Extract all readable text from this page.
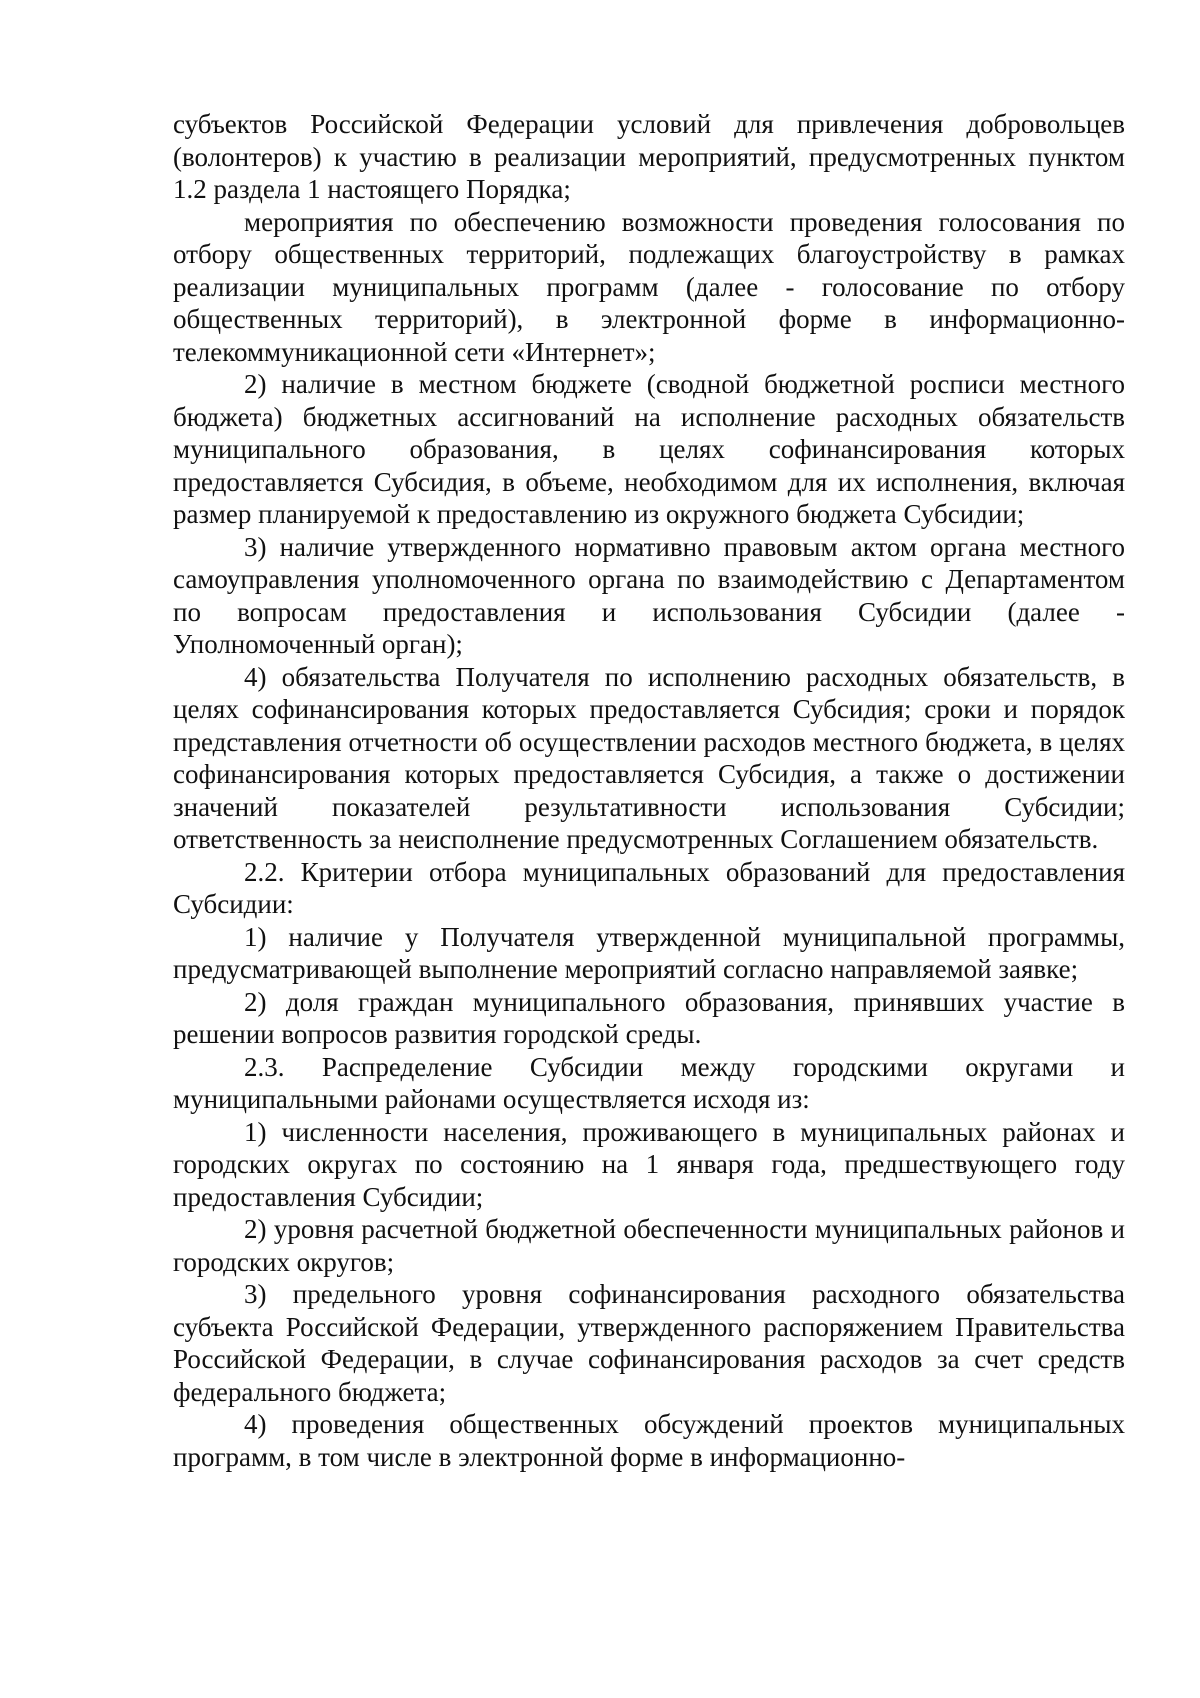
субъектов Российской Федерации условий для привлечения добровольцев (волонтеров) к участию в реализации мероприятий, предусмотренных пунктом 1.2 раздела 1 настоящего Порядка;

мероприятия по обеспечению возможности проведения голосования по отбору общественных территорий, подлежащих благоустройству в рамках реализации муниципальных программ (далее - голосование по отбору общественных территорий), в электронной форме в информационно-телекоммуникационной сети «Интернет»;

2) наличие в местном бюджете (сводной бюджетной росписи местного бюджета) бюджетных ассигнований на исполнение расходных обязательств муниципального образования, в целях софинансирования которых предоставляется Субсидия, в объеме, необходимом для их исполнения, включая размер планируемой к предоставлению из окружного бюджета Субсидии;

3) наличие утвержденного нормативно правовым актом органа местного самоуправления уполномоченного органа по взаимодействию с Департаментом по вопросам предоставления и использования Субсидии (далее - Уполномоченный орган);

4) обязательства Получателя по исполнению расходных обязательств, в целях софинансирования которых предоставляется Субсидия; сроки и порядок представления отчетности об осуществлении расходов местного бюджета, в целях софинансирования которых предоставляется Субсидия, а также о достижении значений показателей результативности использования Субсидии; ответственность за неисполнение предусмотренных Соглашением обязательств.

2.2. Критерии отбора муниципальных образований для предоставления Субсидии:

1) наличие у Получателя утвержденной муниципальной программы, предусматривающей выполнение мероприятий согласно направляемой заявке;

2) доля граждан муниципального образования, принявших участие в решении вопросов развития городской среды.

2.3. Распределение Субсидии между городскими округами и муниципальными районами осуществляется исходя из:

1) численности населения, проживающего в муниципальных районах и городских округах по состоянию на 1 января года, предшествующего году предоставления Субсидии;

2) уровня расчетной бюджетной обеспеченности муниципальных районов и городских округов;

3) предельного уровня софинансирования расходного обязательства субъекта Российской Федерации, утвержденного распоряжением Правительства Российской Федерации, в случае софинансирования расходов за счет средств федерального бюджета;

4) проведения общественных обсуждений проектов муниципальных программ, в том числе в электронной форме в информационно-
